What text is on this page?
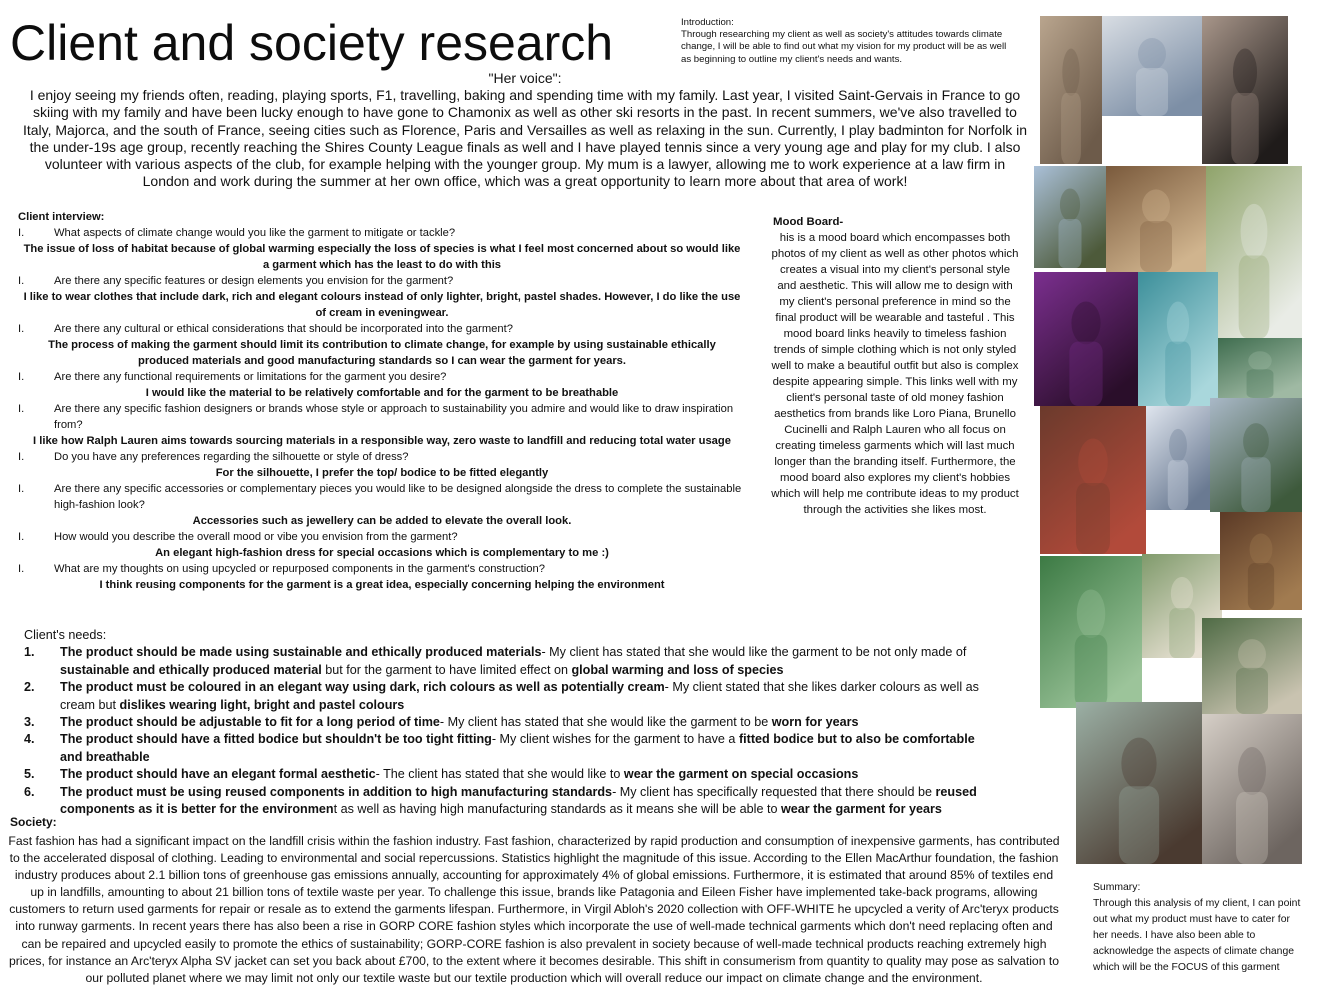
Client and society research	Introduction:
Through researching my client as well as society's attitudes towards climate change, I will be able to find out what my vision for my product will be as well as beginning to outline my client's needs and wants.
"Her voice":
I enjoy seeing my friends often, reading, playing sports, F1, travelling, baking and spending time with my family. Last year, I visited Saint-Gervais in France to go skiing with my family and have been lucky enough to have gone to Chamonix as well as other ski resorts in the past. In recent summers, we've also travelled to Italy, Majorca, and the south of France, seeing cities such as Florence, Paris and Versailles as well as relaxing in the sun. Currently, I play badminton for Norfolk in the under-19s age group, recently reaching the Shires County League finals as well and I have played tennis since a very young age and play for my club. I also volunteer with various aspects of the club, for example helping with the younger group. My mum is a lawyer, allowing me to work experience at a law firm in London and work during the summer at her own office, which was a great opportunity to learn more about that area of work!
Client interview:
I.	What aspects of climate change would you like the garment to mitigate or tackle?
The issue of loss of habitat because of global warming especially the loss of species is what I feel most concerned about so would like a garment which has the least to do with this
I.	Are there any specific features or design elements you envision for the garment?
I like to wear clothes that include dark, rich and elegant colours instead of only lighter, bright, pastel shades. However, I do like the use of cream in eveningwear.
I.	Are there any cultural or ethical considerations that should be incorporated into the garment?
The process of making the garment should limit its contribution to climate change, for example by using sustainable ethically produced materials and good manufacturing standards so I can wear the garment for years.
I.	Are there any functional requirements or limitations for the garment you desire?
I would like the material to be relatively comfortable and for the garment to be breathable
I.	Are there any specific fashion designers or brands whose style or approach to sustainability you admire and would like to draw inspiration from?
I like how Ralph Lauren aims towards sourcing materials in a responsible way, zero waste to landfill and reducing total water usage
I.	Do you have any preferences regarding the silhouette or style of dress?
For the silhouette, I prefer the top/ bodice to be fitted elegantly
I.	Are there any specific accessories or complementary pieces you would like to be designed alongside the dress to complete the sustainable high-fashion look?
Accessories such as jewellery can be added to elevate the overall look.
I.	How would you describe the overall mood or vibe you envision from the garment?
An elegant high-fashion dress for special occasions which is complementary to me :)
I.	What are my thoughts on using upcycled or repurposed components in the garment's construction?
I think reusing components for the garment is a great idea, especially concerning helping the environment
Mood Board-
his is a mood board which encompasses both photos of my client as well as other photos which creates a visual into my client's personal style and aesthetic. This will allow me to design with my client's personal preference in mind so the final product will be wearable and tasteful . This mood board links heavily to timeless fashion trends of simple clothing which is not only styled well to make a beautiful outfit but also is complex despite appearing simple. This links well with my client's personal taste of old money fashion aesthetics from brands like Loro Piana, Brunello Cucinelli and Ralph Lauren who all focus on creating timeless garments which will last much longer than the branding itself. Furthermore, the mood board also explores my client's hobbies which will help me contribute ideas to my product through the activities she likes most.
Client's needs:
1.	The product should be made using sustainable and ethically produced materials- My client has stated that she would like the garment to be not only made of sustainable and ethically produced material but for the garment to have limited effect on global warming and loss of species
2.	The product must be coloured in an elegant way using dark, rich colours as well as potentially cream- My client stated that she likes darker colours as well as cream but dislikes wearing light, bright and pastel colours
3.	The product should be adjustable to fit for a long period of time- My client has stated that she would like the garment to be worn for years
4.	The product should have a fitted bodice but shouldn't be too tight fitting- My client wishes for the garment to have a fitted bodice but to also be comfortable and breathable
5.	The product should have an elegant formal aesthetic- The client has stated that she would like to wear the garment on special occasions
6.	The product must be using reused components in addition to high manufacturing standards- My client has specifically requested that there should be reused components as it is better for the environment as well as having high manufacturing standards as it means she will be able to wear the garment for years
Society:
Fast fashion has had a significant impact on the landfill crisis within the fashion industry. Fast fashion, characterized by rapid production and consumption of inexpensive garments, has contributed to the accelerated disposal of clothing. Leading to environmental and social repercussions. Statistics highlight the magnitude of this issue. According to the Ellen MacArthur foundation, the fashion industry produces about 2.1 billion tons of greenhouse gas emissions annually, accounting for approximately 4% of global emissions. Furthermore, it is estimated that around 85% of textiles end up in landfills, amounting to about 21 billion tons of textile waste per year. To challenge this issue, brands like Patagonia and Eileen Fisher have implemented take-back programs, allowing customers to return used garments for repair or resale as to extend the garments lifespan. Furthermore, in Virgil Abloh's 2020 collection with OFF-WHITE he upcycled a verity of Arc'teryx products into runway garments. In recent years there has also been a rise in GORP CORE fashion styles which incorporate the use of well-made technical garments which don't need replacing often and can be repaired and upcycled easily to promote the ethics of sustainability; GORP-CORE fashion is also prevalent in society because of well-made technical products reaching extremely high prices, for instance an Arc'teryx Alpha SV jacket can set you back about £700, to the extent where it becomes desirable. This shift in consumerism from quantity to quality may pose as salvation to our polluted planet where we may limit not only our textile waste but our textile production which will overall reduce our impact on climate change and the environment.
Summary:
Through this analysis of my client, I can point out what my product must have to cater for her needs. I have also been able to acknowledge the aspects of climate change which will be the FOCUS of this garment
